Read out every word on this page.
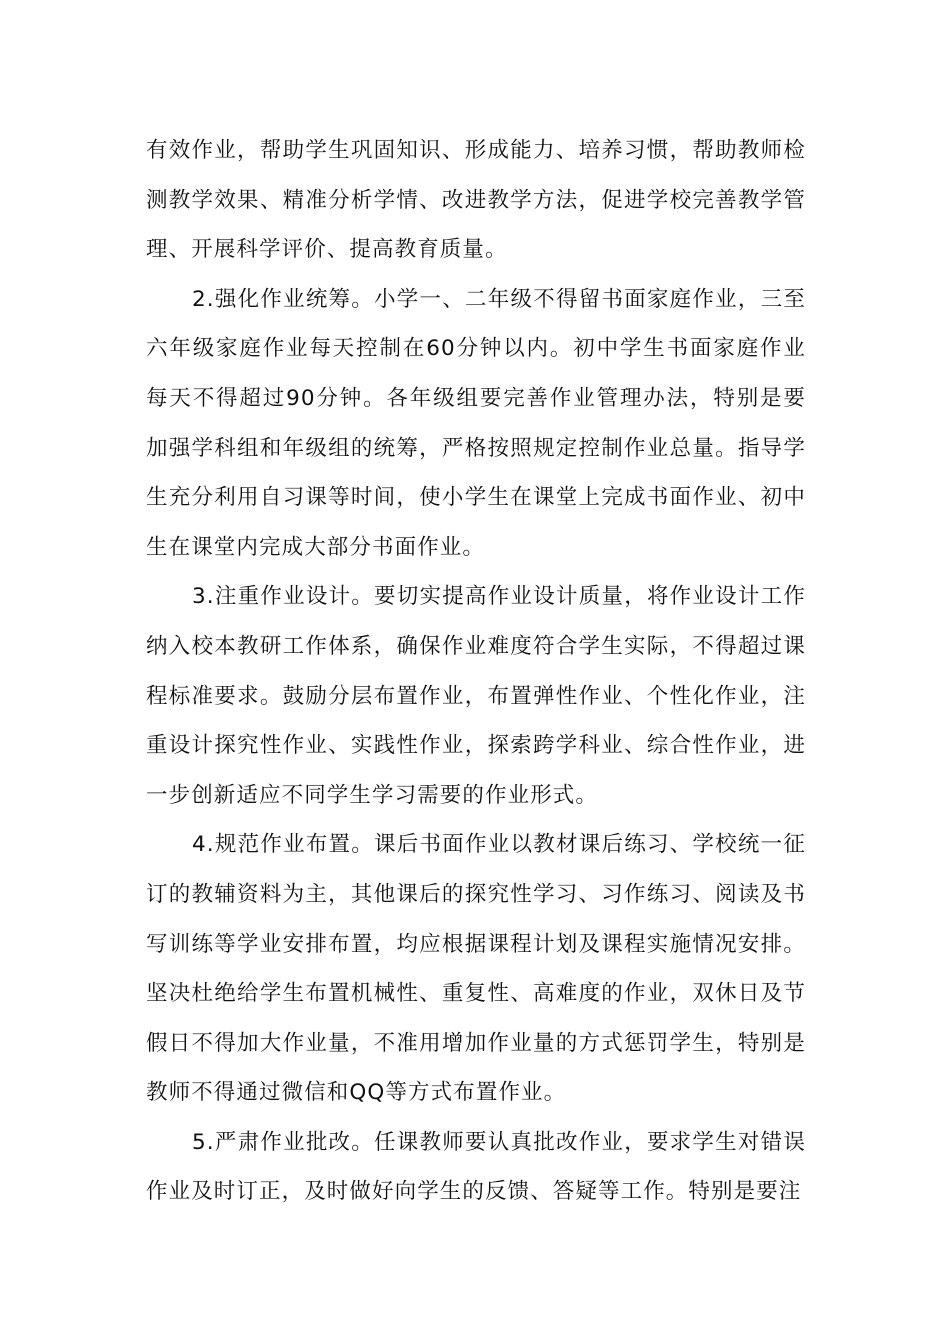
有效作业，帮助学生巩固知识、形成能力、培养习惯，帮助教师检测教学效果、精准分析学情、改进教学方法，促进学校完善教学管理、开展科学评价、提高教育质量。

2.强化作业统筹。小学一、二年级不得留书面家庭作业，三至六年级家庭作业每天控制在60分钟以内。初中学生书面家庭作业每天不得超过90分钟。各年级组要完善作业管理办法，特别是要加强学科组和年级组的统筹，严格按照规定控制作业总量。指导学生充分利用自习课等时间，使小学生在课堂上完成书面作业、初中生在课堂内完成大部分书面作业。

3.注重作业设计。要切实提高作业设计质量，将作业设计工作纳入校本教研工作体系，确保作业难度符合学生实际，不得超过课程标准要求。鼓励分层布置作业，布置弹性作业、个性化作业，注重设计探究性作业、实践性作业，探索跨学科业、综合性作业，进一步创新适应不同学生学习需要的作业形式。

4.规范作业布置。课后书面作业以教材课后练习、学校统一征订的教辅资料为主，其他课后的探究性学习、习作练习、阅读及书写训练等学业安排布置，均应根据课程计划及课程实施情况安排。坚决杜绝给学生布置机械性、重复性、高难度的作业，双休日及节假日不得加大作业量，不准用增加作业量的方式惩罚学生，特别是教师不得通过微信和QQ等方式布置作业。

5.严肃作业批改。任课教师要认真批改作业，要求学生对错误作业及时订正，及时做好向学生的反馈、答疑等工作。特别是要注
